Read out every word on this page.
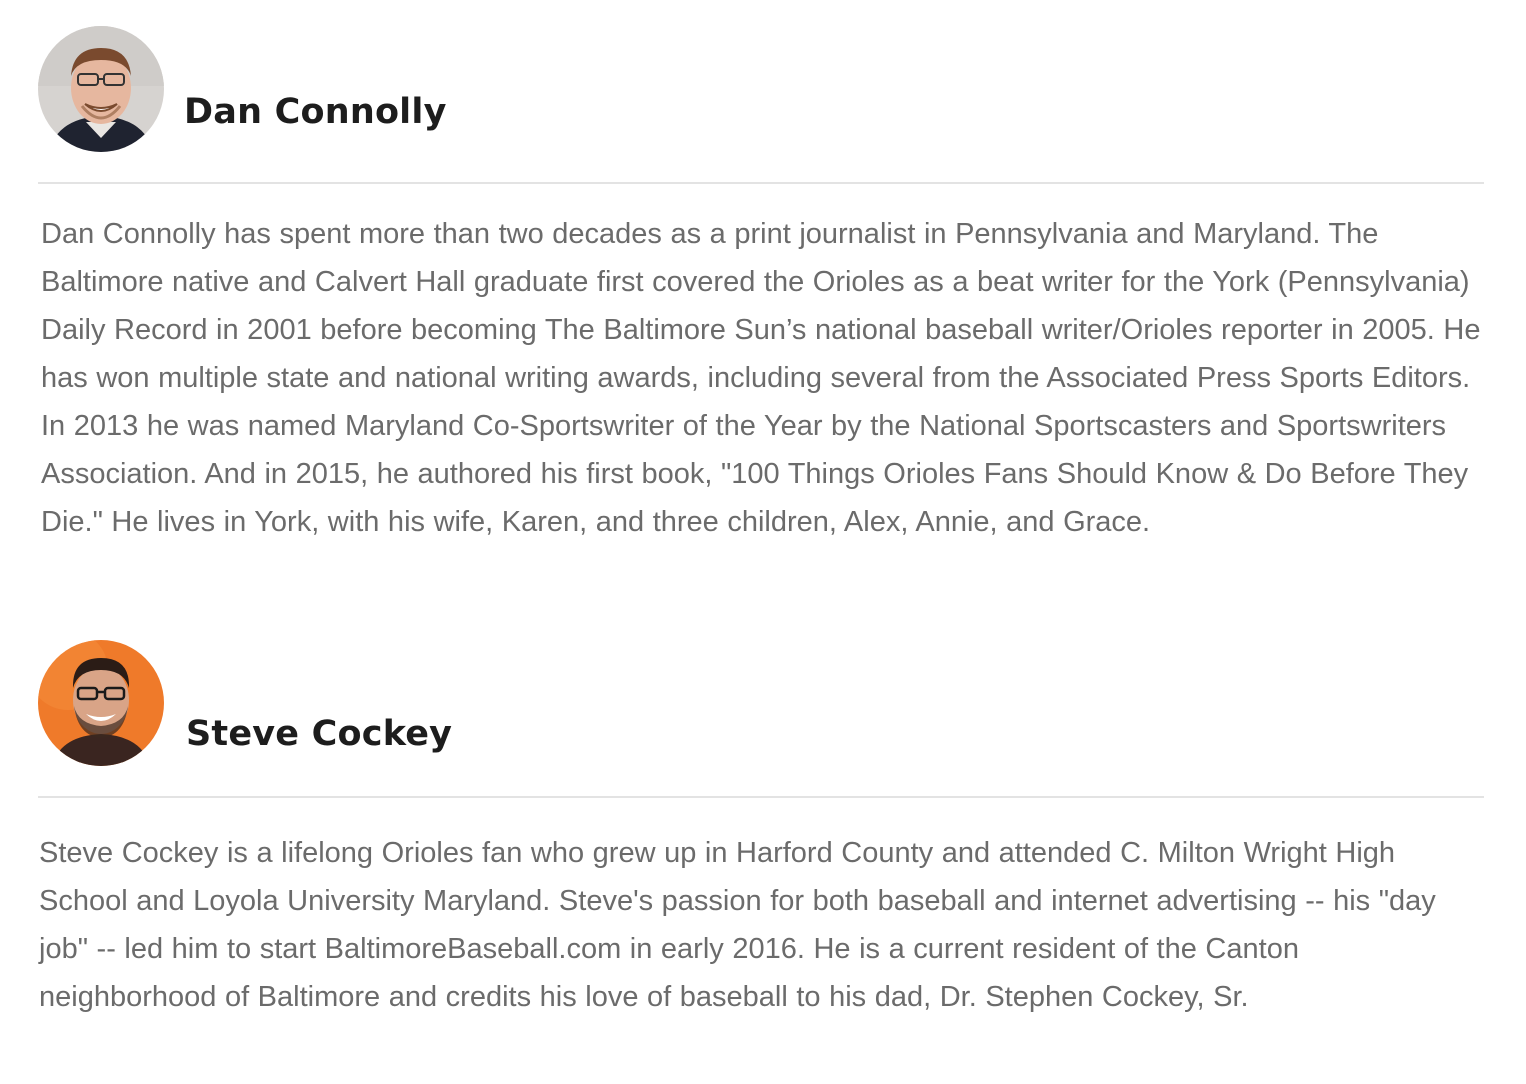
Dan Connolly

Dan Connolly has spent more than two decades as a print journalist in Pennsylvania and Maryland. The Baltimore native and Calvert Hall graduate first covered the Orioles as a beat writer for the York (Pennsylvania) Daily Record in 2001 before becoming The Baltimore Sun’s national baseball writer/Orioles reporter in 2005. He has won multiple state and national writing awards, including several from the Associated Press Sports Editors. In 2013 he was named Maryland Co-Sportswriter of the Year by the National Sportscasters and Sportswriters Association. And in 2015, he authored his first book, "100 Things Orioles Fans Should Know & Do Before They Die." He lives in York, with his wife, Karen, and three children, Alex, Annie, and Grace.

Steve Cockey

Steve Cockey is a lifelong Orioles fan who grew up in Harford County and attended C. Milton Wright High School and Loyola University Maryland. Steve's passion for both baseball and internet advertising -- his "day job" -- led him to start BaltimoreBaseball.com in early 2016. He is a current resident of the Canton neighborhood of Baltimore and credits his love of baseball to his dad, Dr. Stephen Cockey, Sr.
